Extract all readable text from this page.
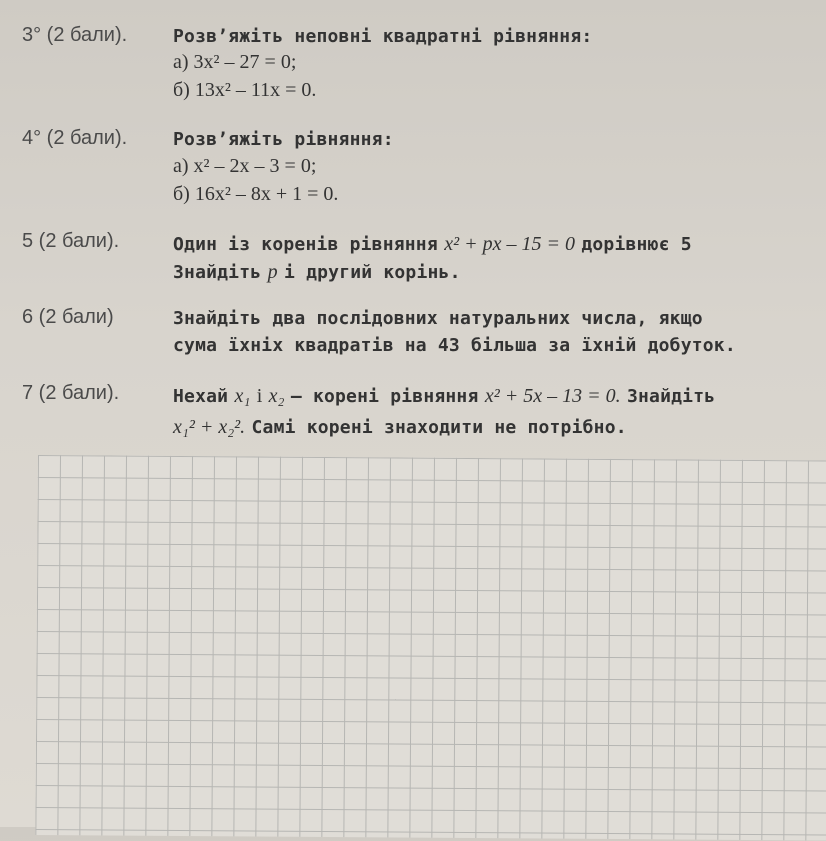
3° (2 бали).	Розв’яжіть неповні квадратні рівняння:
а) 3x² – 27 = 0;
б) 13x² – 11x = 0.
4° (2 бали).	Розв’яжіть рівняння:
а) x² – 2x – 3 = 0;
б) 16x² – 8x + 1 = 0.
5 (2 бали).	Один із коренів рівняння x² + px – 15 = 0 дорівнює 5
Знайдіть p і другий корінь.
6 (2 бали)	Знайдіть два послідовних натуральних числа, якщо
сума їхніх квадратів на 43 більша за їхній добуток.
7 (2 бали).	Нехай x₁ і x₂ — корені рівняння x² + 5x – 13 = 0. Знайдіть
x₁² + x₂². Самі корені знаходити не потрібно.
